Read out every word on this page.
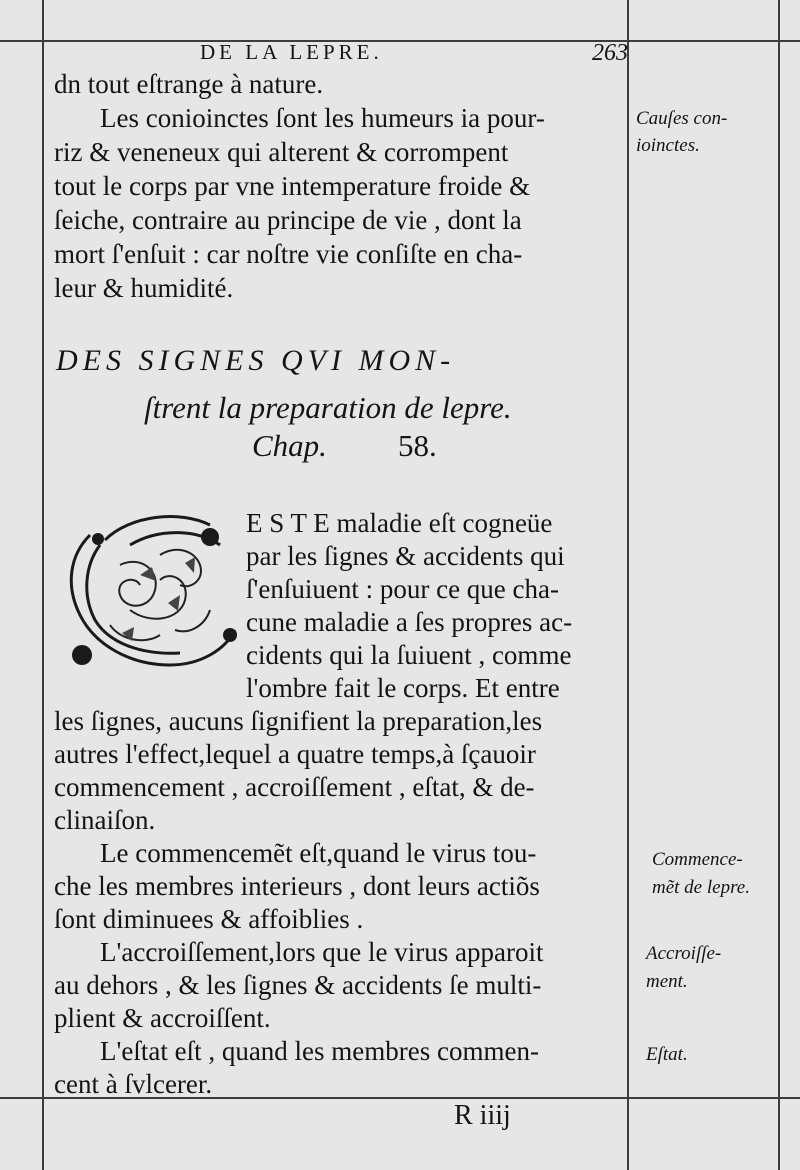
DE LA LEPRE.	263
dn tout eſtrange à nature.
Les conioinctes ſont les humeurs ia pour-
riz & veneneux qui alterent & corrompent
tout le corps par vne intemperature froide &
ſeiche, contraire au principe de vie , dont la
mort ſ'enſuit : car noſtre vie conſiſte en cha-
leur & humidité.
DES SIGNES QVI MON-
ſtrent la preparation de lepre.
Chap. 58.
E S T E maladie eſt cogneüe
par les ſignes & accidents qui
ſ'enſuiuent : pour ce que cha-
cune maladie a ſes propres ac-
cidents qui la ſuiuent , comme
l'ombre fait le corps. Et entre
les ſignes, aucuns ſignifient la preparation,les
autres l'effect,lequel a quatre temps,à ſçauoir
commencement , accroiſſement , eſtat, & de-
clinaiſon.
Le commencemẽt eſt,quand le virus tou-
che les membres interieurs , dont leurs actiõs
ſont diminuees & affoiblies .
L'accroiſſement,lors que le virus apparoit
au dehors , & les ſignes & accidents ſe multi-
plient & accroiſſent.
L'eſtat eſt , quand les membres commen-
cent à ſvlcerer.
Cauſes con-
ioinctes.
Commence-
mẽt de lepre.
Accroiſſe-
ment.
Eſtat.
R iiij
